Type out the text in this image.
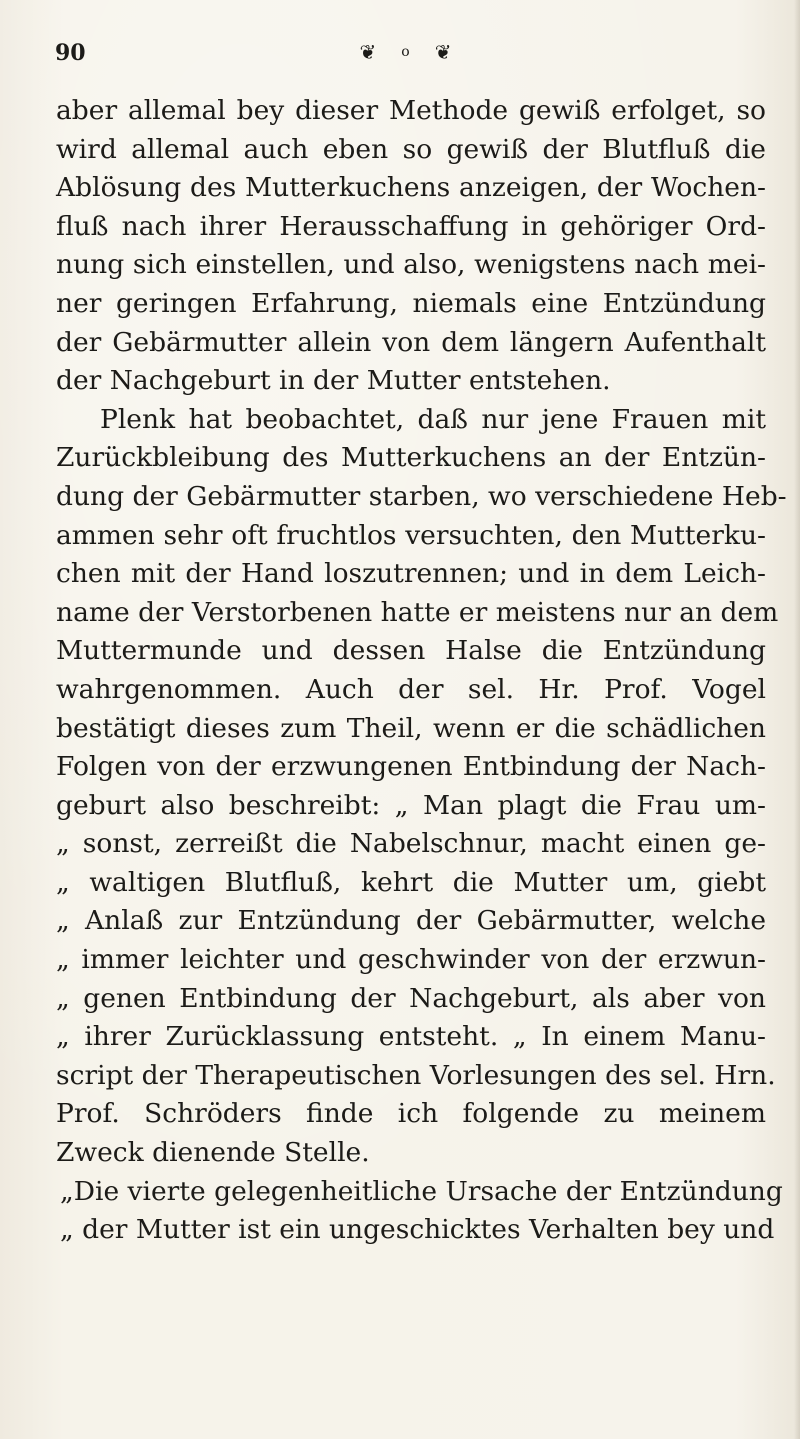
90	❦ o ❦
aber allemal bey dieser Methode gewiß erfolget, so
wird allemal auch eben so gewiß der Blutfluß die
Ablösung des Mutterkuchens anzeigen, der Wochen-
fluß nach ihrer Herausschaffung in gehöriger Ord-
nung sich einstellen, und also, wenigstens nach mei-
ner geringen Erfahrung, niemals eine Entzündung
der Gebärmutter allein von dem längern Aufenthalt
der Nachgeburt in der Mutter entstehen.
Plenk hat beobachtet, daß nur jene Frauen mit
Zurückbleibung des Mutterkuchens an der Entzün-
dung der Gebärmutter starben, wo verschiedene Heb-
ammen sehr oft fruchtlos versuchten, den Mutterku-
chen mit der Hand loszutrennen; und in dem Leich-
name der Verstorbenen hatte er meistens nur an dem
Muttermunde und dessen Halse die Entzündung
wahrgenommen. Auch der sel. Hr. Prof. Vogel
bestätigt dieses zum Theil, wenn er die schädlichen
Folgen von der erzwungenen Entbindung der Nach-
geburt also beschreibt: „ Man plagt die Frau um-
„ sonst, zerreißt die Nabelschnur, macht einen ge-
„ waltigen Blutfluß, kehrt die Mutter um, giebt
„ Anlaß zur Entzündung der Gebärmutter, welche
„ immer leichter und geschwinder von der erzwun-
„ genen Entbindung der Nachgeburt, als aber von
„ ihrer Zurücklassung entsteht. „ In einem Manu-
script der Therapeutischen Vorlesungen des sel. Hrn.
Prof. Schröders finde ich folgende zu meinem
Zweck dienende Stelle.
„Die vierte gelegenheitliche Ursache der Entzündung
„ der Mutter ist ein ungeschicktes Verhalten bey und
